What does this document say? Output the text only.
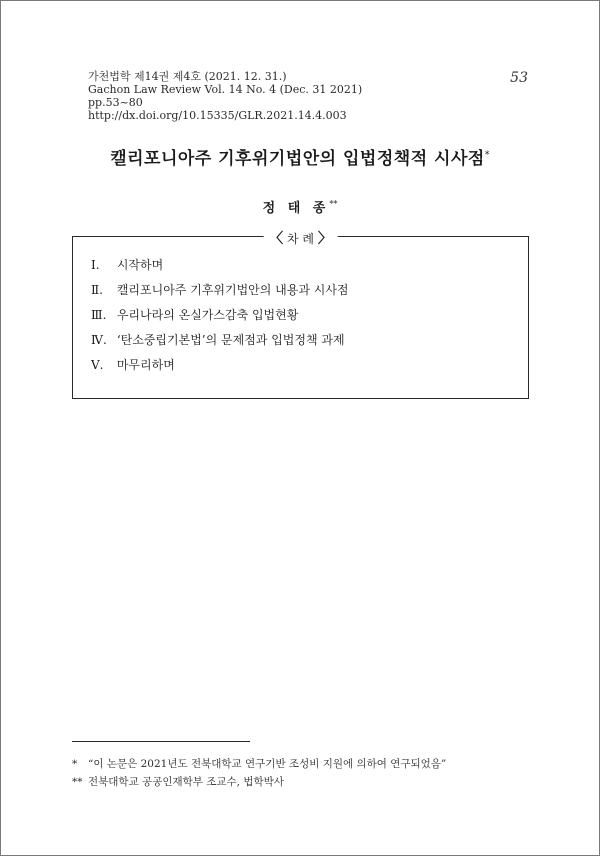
가천법학 제14권 제4호 (2021. 12. 31.)
Gachon Law Review Vol. 14 No. 4 (Dec. 31 2021)
pp.53~80
http://dx.doi.org/10.15335/GLR.2021.14.4.003
53
캘리포니아주 기후위기법안의 입법정책적 시사점*
정 태 종**
〈 차 례 〉
Ⅰ. 시작하며
Ⅱ. 캘리포니아주 기후위기법안의 내용과 시사점
Ⅲ. 우리나라의 온실가스감축 입법현황
Ⅳ. ‘탄소중립기본법’의 문제점과 입법정책 과제
Ⅴ. 마무리하며
* “이 논문은 2021년도 전북대학교 연구기반 조성비 지원에 의하여 연구되었음”
** 전북대학교 공공인재학부 조교수, 법학박사
